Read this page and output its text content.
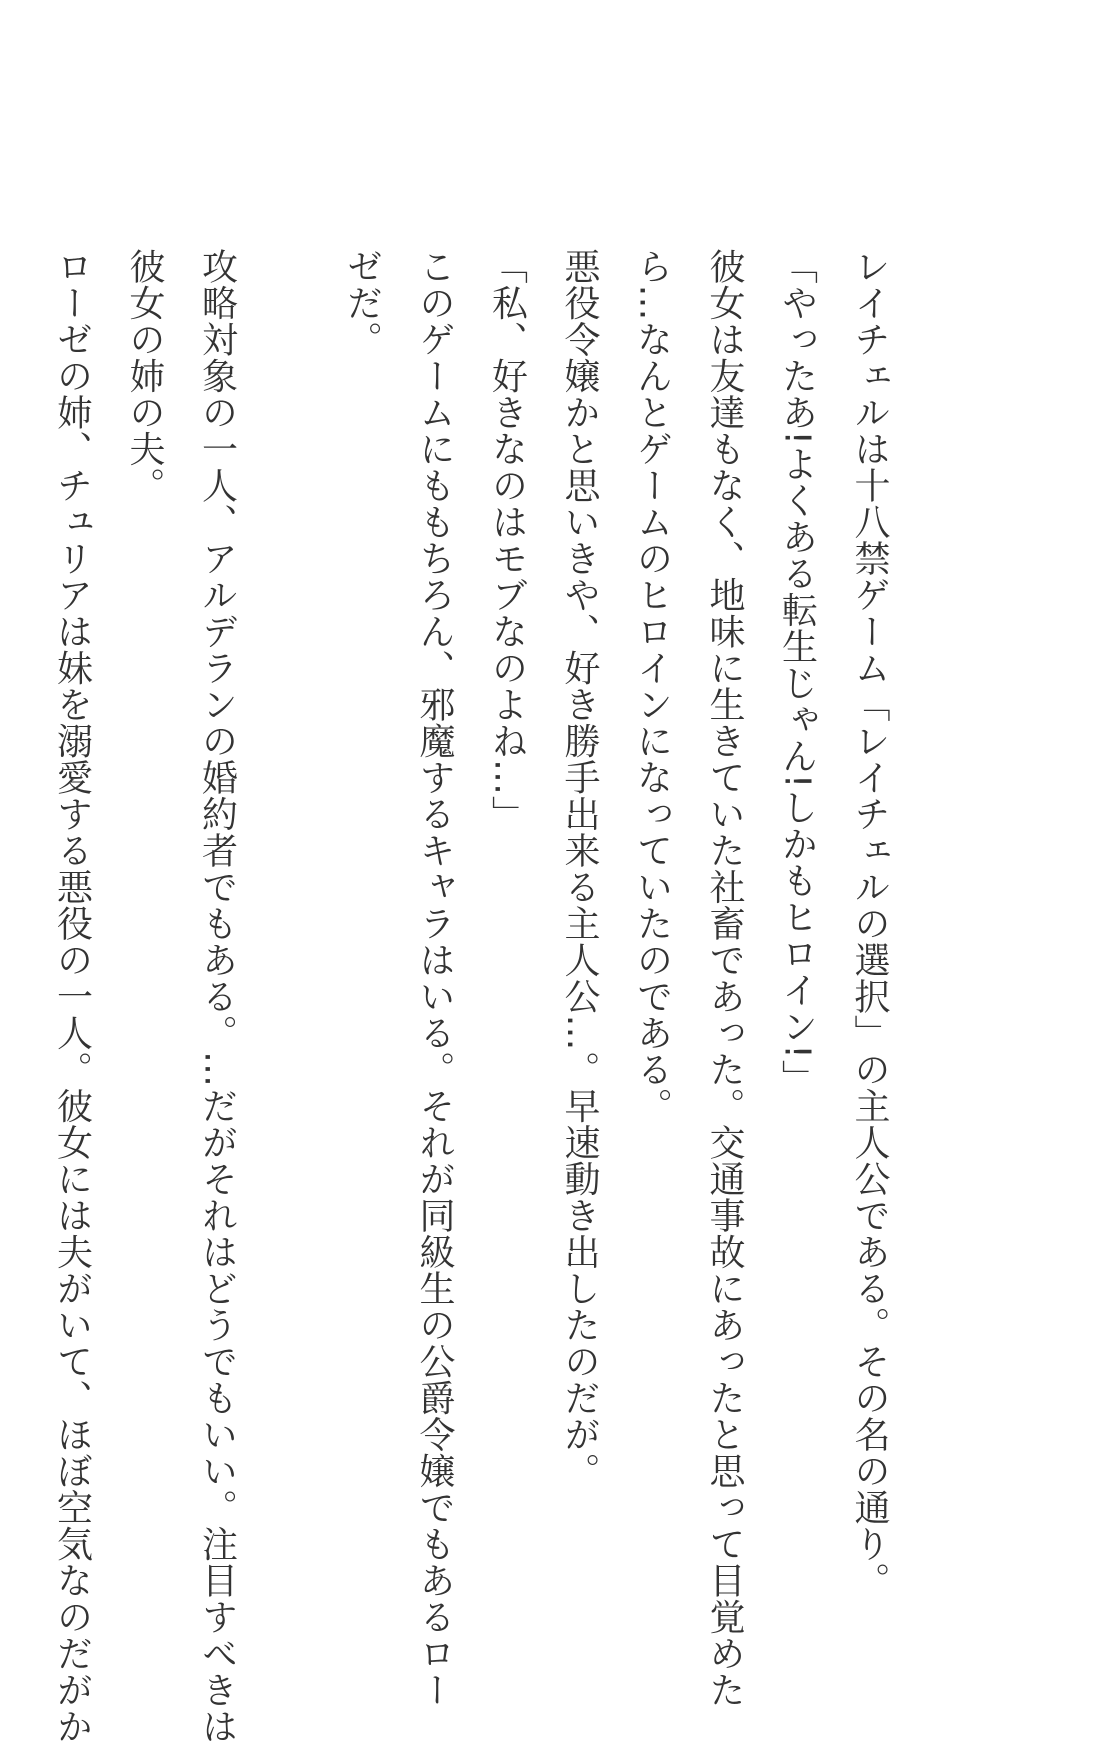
レイチェルは十八禁ゲーム「レイチェルの選択」の主人公である。その名の通り。
「やったあ!よくある転生じゃん!しかもヒロイン!」
彼女は友達もなく、地味に生きていた社畜であった。交通事故にあったと思って目覚めた
ら…なんとゲームのヒロインになっていたのである。
悪役令嬢かと思いきや、好き勝手出来る主人公…。早速動き出したのだが。
「私、好きなのはモブなのよね…」
このゲームにももちろん、邪魔するキャラはいる。それが同級生の公爵令嬢でもあるロー
ゼだ。
攻略対象の一人、アルデランの婚約者でもある。…だがそれはどうでもいい。注目すべきは
彼女の姉の夫。
ローゼの姉、チュリアは妹を溺愛する悪役の一人。彼女には夫がいて、ほぼ空気なのだがか
